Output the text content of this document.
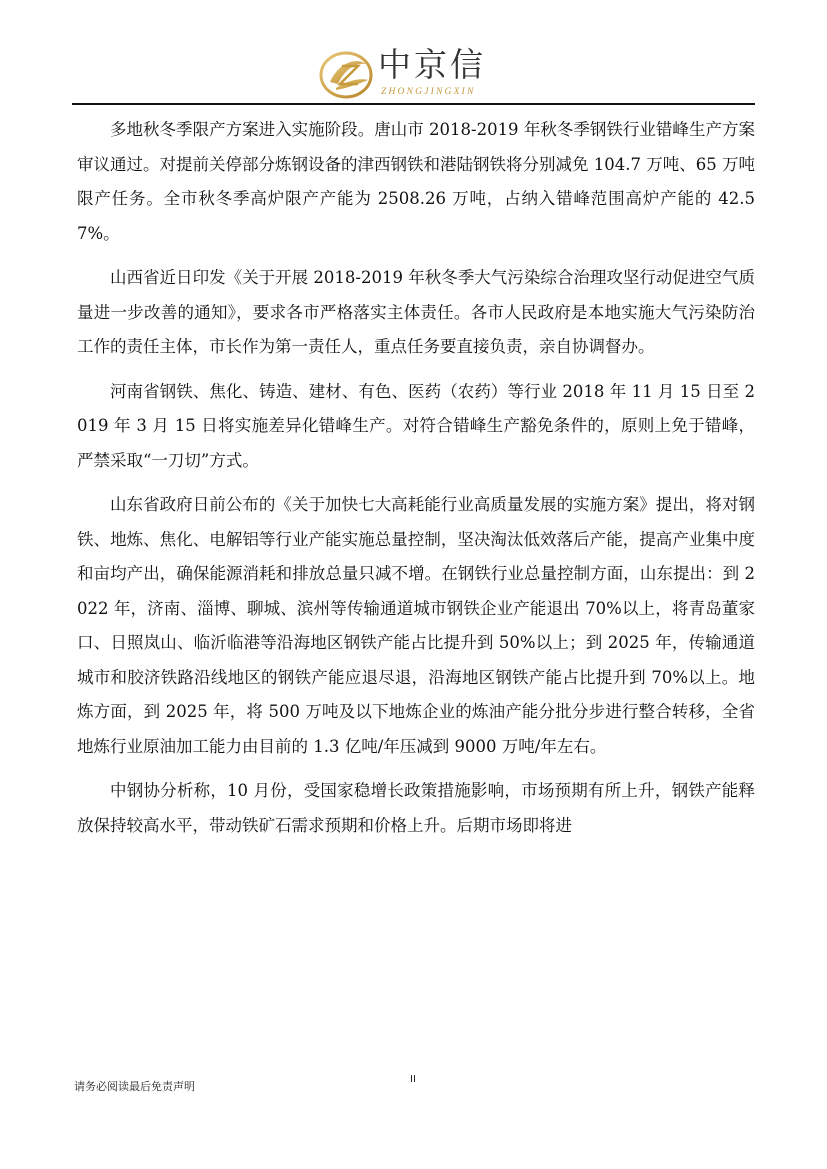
中京信
ZHONGJINGXIN

多地秋冬季限产方案进入实施阶段。唐山市 2018-2019 年秋冬季钢铁行业错峰生产方案审议通过。对提前关停部分炼钢设备的津西钢铁和港陆钢铁将分别减免 104.7 万吨、65 万吨限产任务。全市秋冬季高炉限产产能为 2508.26 万吨，占纳入错峰范围高炉产能的 42.57%。

山西省近日印发《关于开展 2018-2019 年秋冬季大气污染综合治理攻坚行动促进空气质量进一步改善的通知》，要求各市严格落实主体责任。各市人民政府是本地实施大气污染防治工作的责任主体，市长作为第一责任人，重点任务要直接负责，亲自协调督办。

河南省钢铁、焦化、铸造、建材、有色、医药（农药）等行业 2018 年 11 月 15 日至 2019 年 3 月 15 日将实施差异化错峰生产。对符合错峰生产豁免条件的，原则上免于错峰，严禁采取“一刀切”方式。

山东省政府日前公布的《关于加快七大高耗能行业高质量发展的实施方案》提出，将对钢铁、地炼、焦化、电解铝等行业产能实施总量控制，坚决淘汰低效落后产能，提高产业集中度和亩均产出，确保能源消耗和排放总量只减不增。在钢铁行业总量控制方面，山东提出：到 2022 年，济南、淄博、聊城、滨州等传输通道城市钢铁企业产能退出 70%以上，将青岛董家口、日照岚山、临沂临港等沿海地区钢铁产能占比提升到 50%以上；到 2025 年，传输通道城市和胶济铁路沿线地区的钢铁产能应退尽退，沿海地区钢铁产能占比提升到 70%以上。地炼方面，到 2025 年，将 500 万吨及以下地炼企业的炼油产能分批分步进行整合转移，全省地炼行业原油加工能力由目前的 1.3 亿吨/年压减到 9000 万吨/年左右。

中钢协分析称，10 月份，受国家稳增长政策措施影响，市场预期有所上升，钢铁产能释放保持较高水平，带动铁矿石需求预期和价格上升。后期市场即将进

请务必阅读最后免责声明
II
